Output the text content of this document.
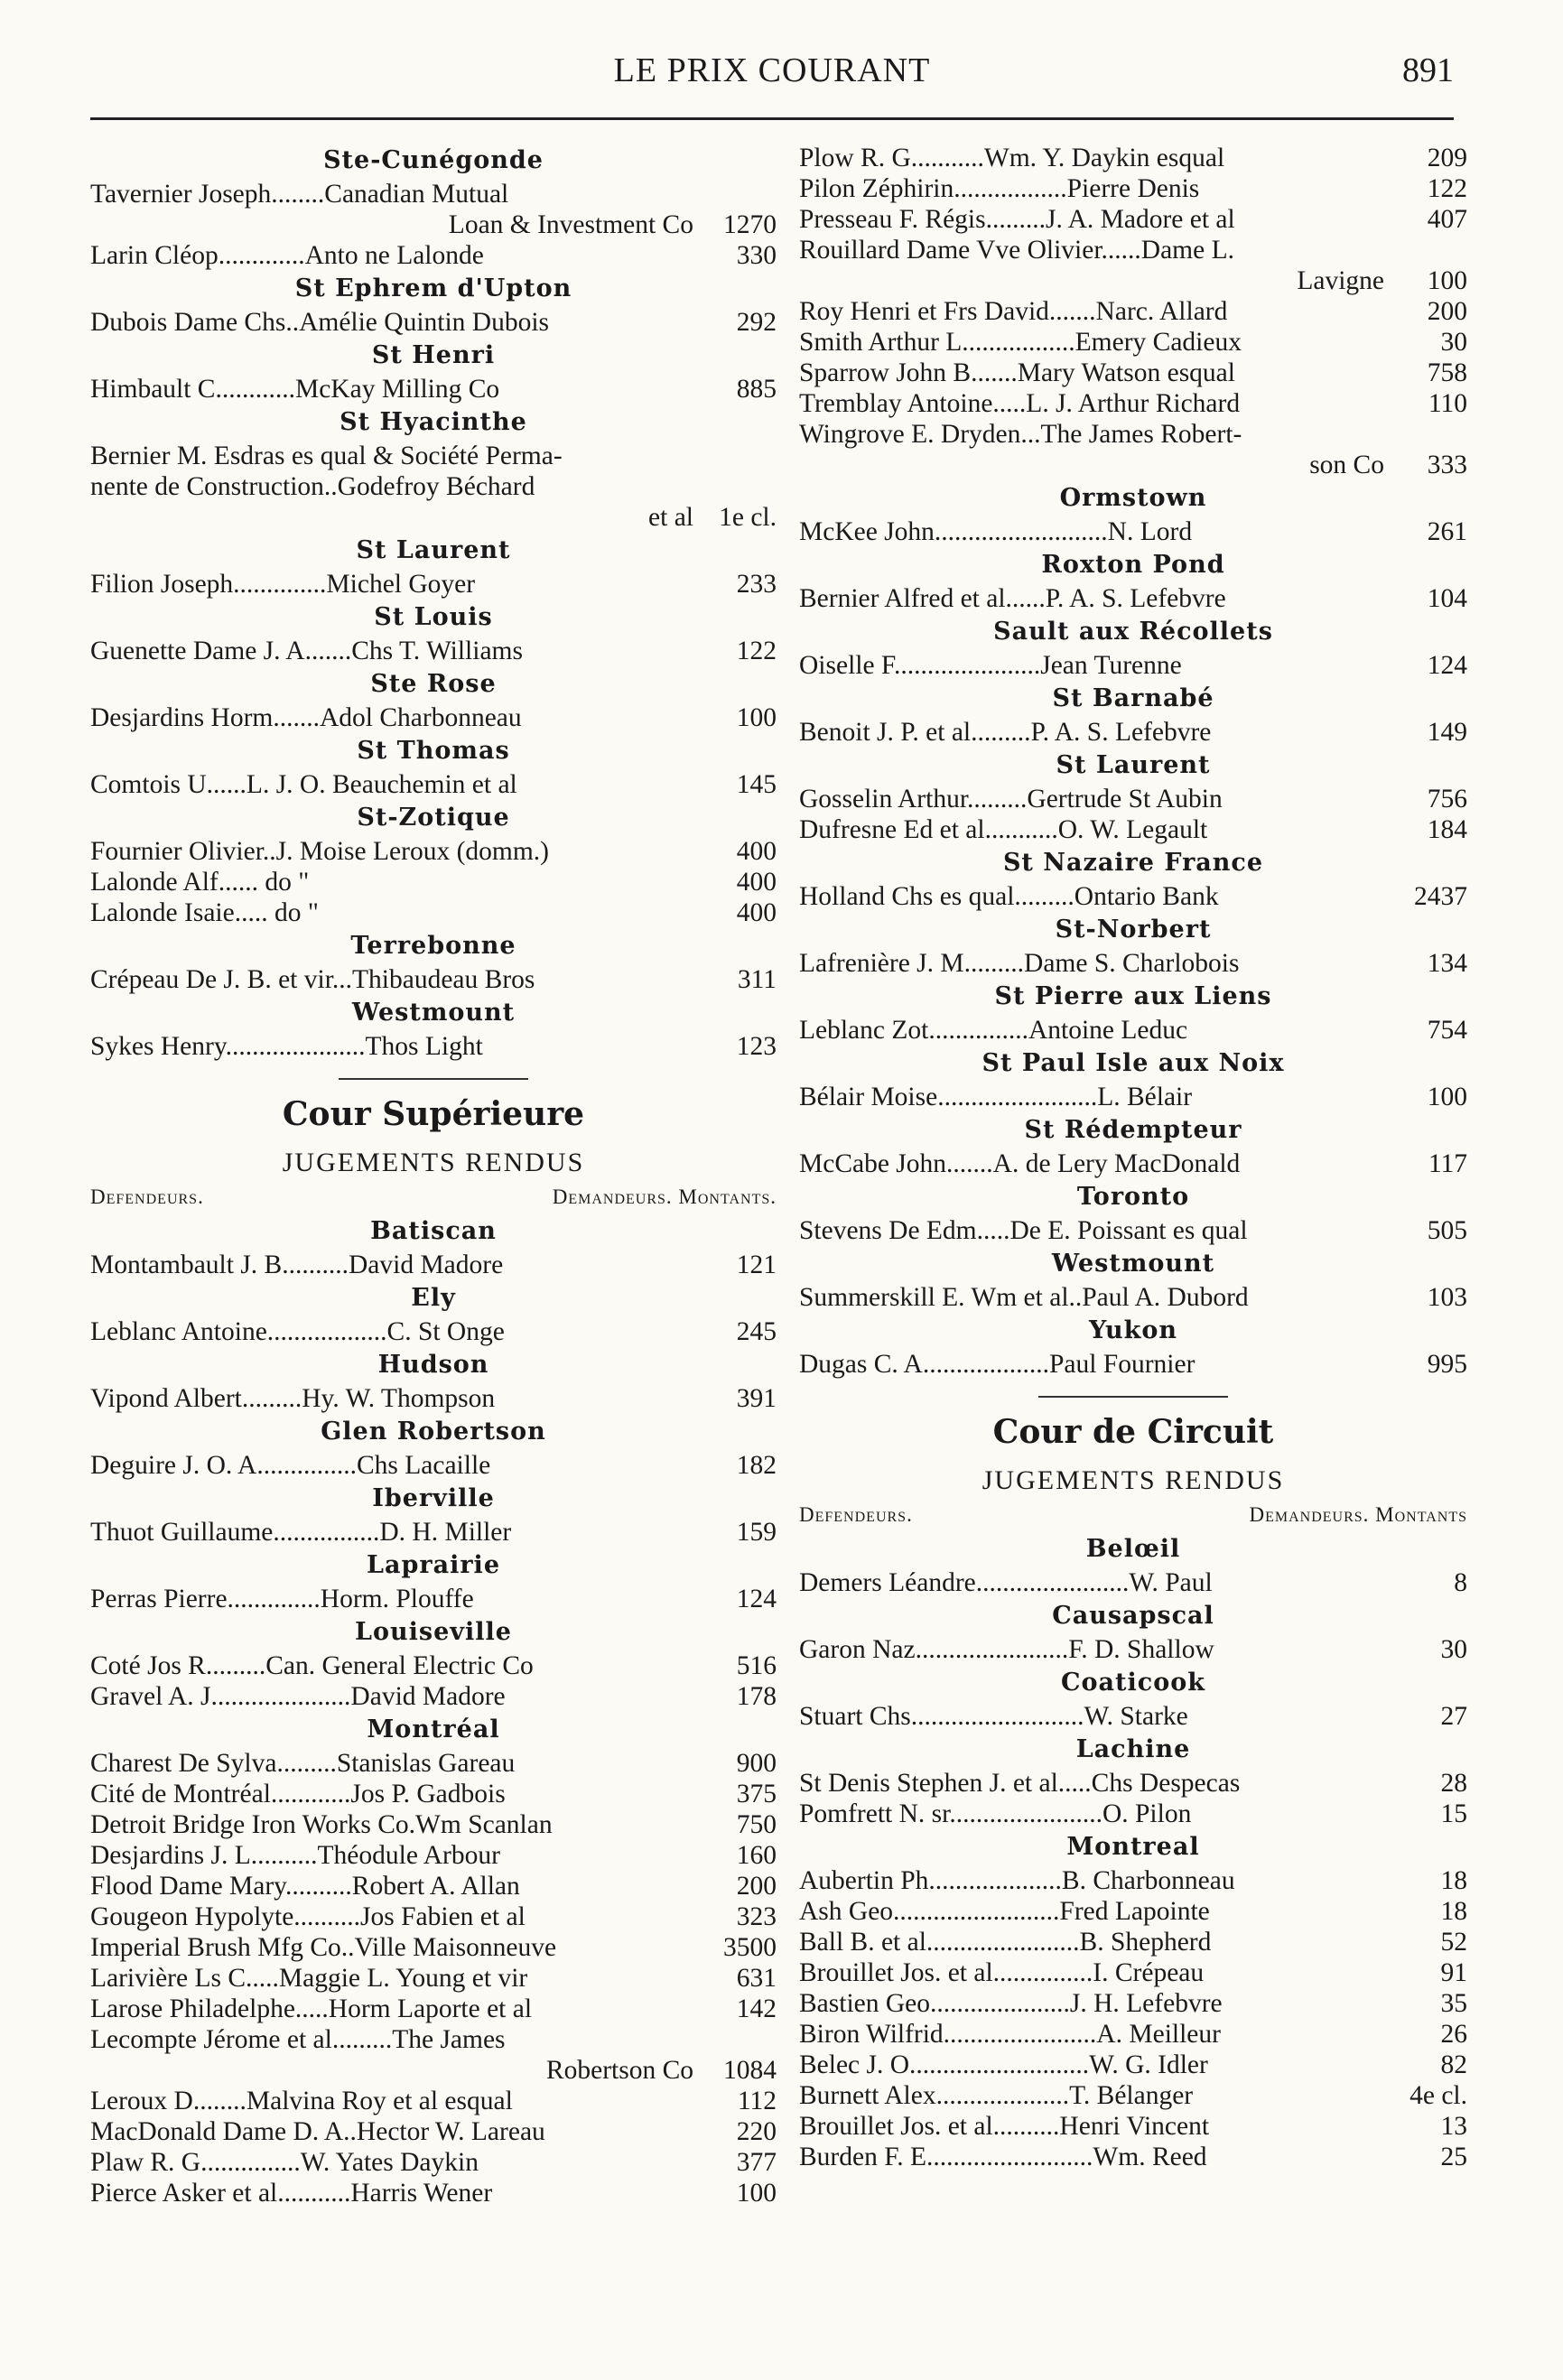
LE PRIX COURANT	891
Ste-Cunégonde
Tavernier Joseph........Canadian Mutual
Loan & Investment Co	1270
Larin Cléop.............Anto ne Lalonde	330
St Ephrem d'Upton
Dubois Dame Chs..Amélie Quintin Dubois	292
St Henri
Himbault C............McKay Milling Co	885
St Hyacinthe
Bernier M. Esdras es qual & Société Perma-
nente de Construction..Godefroy Béchard
et al 1e cl.
St Laurent
Filion Joseph..............Michel Goyer	233
St Louis
Guenette Dame J. A.......Chs T. Williams	122
Ste Rose
Desjardins Horm.......Adol Charbonneau	100
St Thomas
Comtois U......L. J. O. Beauchemin et al	145
St-Zotique
Fournier Olivier..J. Moise Leroux (domm.)	400
Lalonde Alf...... do "	400
Lalonde Isaie..... do "	400
Terrebonne
Crépeau De J. B. et vir...Thibaudeau Bros	311
Westmount
Sykes Henry.....................Thos Light	123
Cour Supérieure
JUGEMENTS RENDUS
Defendeurs.	Demandeurs. Montants.
Batiscan
Montambault J. B..........David Madore	121
Ely
Leblanc Antoine..................C. St Onge	245
Hudson
Vipond Albert.........Hy. W. Thompson	391
Glen Robertson
Deguire J. O. A...............Chs Lacaille	182
Iberville
Thuot Guillaume................D. H. Miller	159
Laprairie
Perras Pierre..............Horm. Plouffe	124
Louiseville
Coté Jos R.........Can. General Electric Co	516
Gravel A. J.....................David Madore	178
Montréal
Charest De Sylva.........Stanislas Gareau	900
Cité de Montréal............Jos P. Gadbois	375
Detroit Bridge Iron Works Co.Wm Scanlan	750
Desjardins J. L..........Théodule Arbour	160
Flood Dame Mary..........Robert A. Allan	200
Gougeon Hypolyte..........Jos Fabien et al	323
Imperial Brush Mfg Co..Ville Maisonneuve	3500
Larivière Ls C.....Maggie L. Young et vir	631
Larose Philadelphe.....Horm Laporte et al	142
Lecompte Jérome et al.........The James
Robertson Co	1084
Leroux D........Malvina Roy et al esqual	112
MacDonald Dame D. A..Hector W. Lareau	220
Plaw R. G...............W. Yates Daykin	377
Pierce Asker et al...........Harris Wener	100
Plow R. G...........Wm. Y. Daykin esqual	209
Pilon Zéphirin.................Pierre Denis	122
Presseau F. Régis.........J. A. Madore et al	407
Rouillard Dame Vve Olivier......Dame L.
Lavigne	100
Roy Henri et Frs David.......Narc. Allard	200
Smith Arthur L.................Emery Cadieux	30
Sparrow John B.......Mary Watson esqual	758
Tremblay Antoine.....L. J. Arthur Richard	110
Wingrove E. Dryden...The James Robert-
son Co	333
Ormstown
McKee John..........................N. Lord	261
Roxton Pond
Bernier Alfred et al......P. A. S. Lefebvre	104
Sault aux Récollets
Oiselle F......................Jean Turenne	124
St Barnabé
Benoit J. P. et al.........P. A. S. Lefebvre	149
St Laurent
Gosselin Arthur.........Gertrude St Aubin	756
Dufresne Ed et al...........O. W. Legault	184
St Nazaire France
Holland Chs es qual.........Ontario Bank	2437
St-Norbert
Lafrenière J. M.........Dame S. Charlobois	134
St Pierre aux Liens
Leblanc Zot...............Antoine Leduc	754
St Paul Isle aux Noix
Bélair Moise........................L. Bélair	100
St Rédempteur
McCabe John.......A. de Lery MacDonald	117
Toronto
Stevens De Edm.....De E. Poissant es qual	505
Westmount
Summerskill E. Wm et al..Paul A. Dubord	103
Yukon
Dugas C. A...................Paul Fournier	995
Cour de Circuit
JUGEMENTS RENDUS
Defendeurs.	Demandeurs. Montants
Belœil
Demers Léandre.......................W. Paul	8
Causapscal
Garon Naz.......................F. D. Shallow	30
Coaticook
Stuart Chs..........................W. Starke	27
Lachine
St Denis Stephen J. et al.....Chs Despecas	28
Pomfrett N. sr.......................O. Pilon	15
Montreal
Aubertin Ph....................B. Charbonneau	18
Ash Geo.........................Fred Lapointe	18
Ball B. et al.......................B. Shepherd	52
Brouillet Jos. et al...............I. Crépeau	91
Bastien Geo.....................J. H. Lefebvre	35
Biron Wilfrid.......................A. Meilleur	26
Belec J. O...........................W. G. Idler	82
Burnett Alex....................T. Bélanger	4e cl.
Brouillet Jos. et al..........Henri Vincent	13
Burden F. E.........................Wm. Reed	25
